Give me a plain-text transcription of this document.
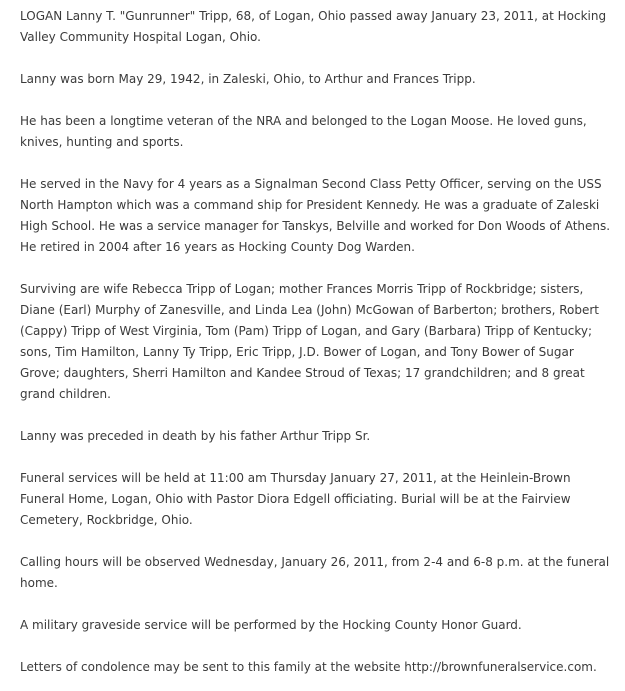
LOGAN Lanny T. "Gunrunner" Tripp, 68, of Logan, Ohio passed away January 23, 2011, at Hocking Valley Community Hospital Logan, Ohio.

Lanny was born May 29, 1942, in Zaleski, Ohio, to Arthur and Frances Tripp.

He has been a longtime veteran of the NRA and belonged to the Logan Moose. He loved guns, knives, hunting and sports.

He served in the Navy for 4 years as a Signalman Second Class Petty Officer, serving on the USS North Hampton which was a command ship for President Kennedy. He was a graduate of Zaleski High School. He was a service manager for Tanskys, Belville and worked for Don Woods of Athens. He retired in 2004 after 16 years as Hocking County Dog Warden.

Surviving are wife Rebecca Tripp of Logan; mother Frances Morris Tripp of Rockbridge; sisters, Diane (Earl) Murphy of Zanesville, and Linda Lea (John) McGowan of Barberton; brothers, Robert (Cappy) Tripp of West Virginia, Tom (Pam) Tripp of Logan, and Gary (Barbara) Tripp of Kentucky; sons, Tim Hamilton, Lanny Ty Tripp, Eric Tripp, J.D. Bower of Logan, and Tony Bower of Sugar Grove; daughters, Sherri Hamilton and Kandee Stroud of Texas; 17 grandchildren; and 8 great grand children.

Lanny was preceded in death by his father Arthur Tripp Sr.

Funeral services will be held at 11:00 am Thursday January 27, 2011, at the Heinlein-Brown Funeral Home, Logan, Ohio with Pastor Diora Edgell officiating. Burial will be at the Fairview Cemetery, Rockbridge, Ohio.

Calling hours will be observed Wednesday, January 26, 2011, from 2-4 and 6-8 p.m. at the funeral home.

A military graveside service will be performed by the Hocking County Honor Guard.

Letters of condolence may be sent to this family at the website http://brownfuneralservice.com.
